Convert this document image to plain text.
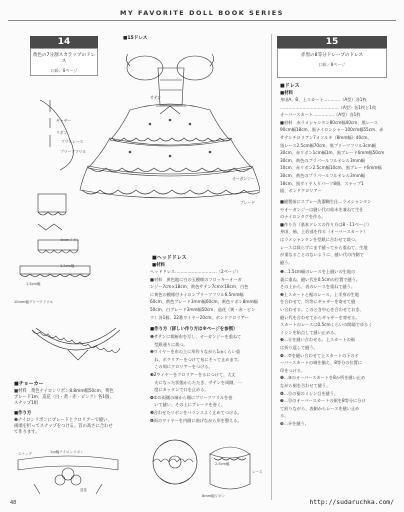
MY FAVORITE DOLL BOOK SERIES
14
黄色の7分割スカラップのドレス
口絵／8ページ
■15ドレス
ギャザー
リボン
フリルレース
プリーツフリル
サテン
オーガンジー
ブレード
4ｍmリボン
1.2cm幅
1.5cm幅
10ｍm幅プリーツフリル
■チョーカー
■材料　黄色ナイロンリボン8.8mm幅50cm、黄色ブレード1m、造花（白・黄・赤・ピンク）各1個、スナップ1組
■作り方
❶ナイロンリボンにブレードとクロリアーで縫い、両端を折ってスナップをつける。首の高さに合わせて作ります。
スナップ	1㎝幅ナイロンリボン
造花
■ヘッドドレス
■材料
ヘッドドレス…………………………（2ページ）
■材料　黄色地に白の玉模様のフロッキーオーガ
ンジー7cm×18cm、黄色サテン7cm×18cm、白色
に黄色の模様付ナイロンプリーツフリル6.5mm幅
60cm、黄色ブレード3mm幅60cm、黄色リボン8mm幅
50cm、白ブレード3mm幅50cm、造花（黄・赤・ピン
ク）各1個、22番ワイヤー20cm、ボンドクロリアー
■作り方（詳しい作り方は※ページを参照）
❶サテンに裁断布を写し、オーガンジーを重ねて
　型紙通りに裁つ。
❷ワイヤーを布の上に形作りながら1㎝くらい重
　ね、ボクリアーをつけて布にそって止めます。
　この周にクロリアーをつける。
❸2ワイヤーをクロリアーをるにつけて、大丈
　夫になった状態からたたき、サテンを両側、一
　度にカッタンで口を止める。
❹①の両側の端から順にプリーツフリルを巻
　いて縫い、その上にブレードを巻く。
❺合わせたリボンをバランスよく止めてつける。
❻両のワイヤーを内側に曲げながら形を整える。
レース
2.5cm幅
8ｍm幅リボン
15
赤黒の8等分ドレープのドレス
口絵／8ページ
■ドレス
■材料
身頃A、B、上スカート…………（A型）各1枚
……………………………………（A型）各1枚と1枚
オーバースカート……………（A型）各1枚
■材料　赤ラメシャンタン80cm幅40cm、黒レース
90cm幅18cm、黒ナイロンシャー100cm幅55cm、赤
サテンチロリアン7メソルキ（8mm幅）40cm、
黒レース2.5cm幅70cm、黒プリーツフリル3cm幅
30cm、赤リボン1cm幅1m、黒ブレード6mm幅50cm
30cm、黄色のプラパールフルオレル3mm幅
10cm、赤リボン2.5cm幅10cm、黒ブレード6mm幅
30cm、黄色のプラパールフルオレル3mm幅
18cm、黒ダイヤ入りパーツ8個、スナップ1
組、ボンドクロリアー
■縫製前にスプレー洗濯糊生仕…ラメシャンタン
やオーガンジーは縫い代の始末を兼ねて生仕
のナイロンタグを作る。
■作り方（基本ドレスの作り方は8・11ページ）
身頃、袖、上衿部を作る（オーバースカート）
はラメシャンタンを型紙に合わせて裁つ。
レースは裁らずにまず縫ってから重ねて、生地
が重なることのないように、縫い代の内側で
縫う。
❶…1.5cm幅のレースを上縫いの生地の
裏に重ね、縫い代を0.5cmの位置で縫う。
その上から、表のレースを重ねて縫う。
❷上スカートと裾のレース、上半身の生地
を合わせて、均等にギャザーを寄せて縫
い合わせる。このとき中心を合わせておき、
縫い代を合わせてからギャザーを寄せる。
スカートのレースは0.5cmくらいの間隔でゆるく
ミシンを始点して縫い止める。
❸…⑪を縫い合わせる。上スカートの裾
は折り返して縫う。
❹…⑦を縫い合わせて上スカートの下のオ
ーバースカートの端を揃え、8等分の位置に
印をつける。
❺…⑩のオーバースカートを8か所を縫い止め
ながら裾を合わせて縫う。
❻…⑫の裾のミシン目を縫う。
❼…⑬のオーバースカートの裾を8等分に分け
て絞りながら、表側からレースを縫い止め
る。
❽…⑭を縫う。
48	http://sudaruchka.com/
